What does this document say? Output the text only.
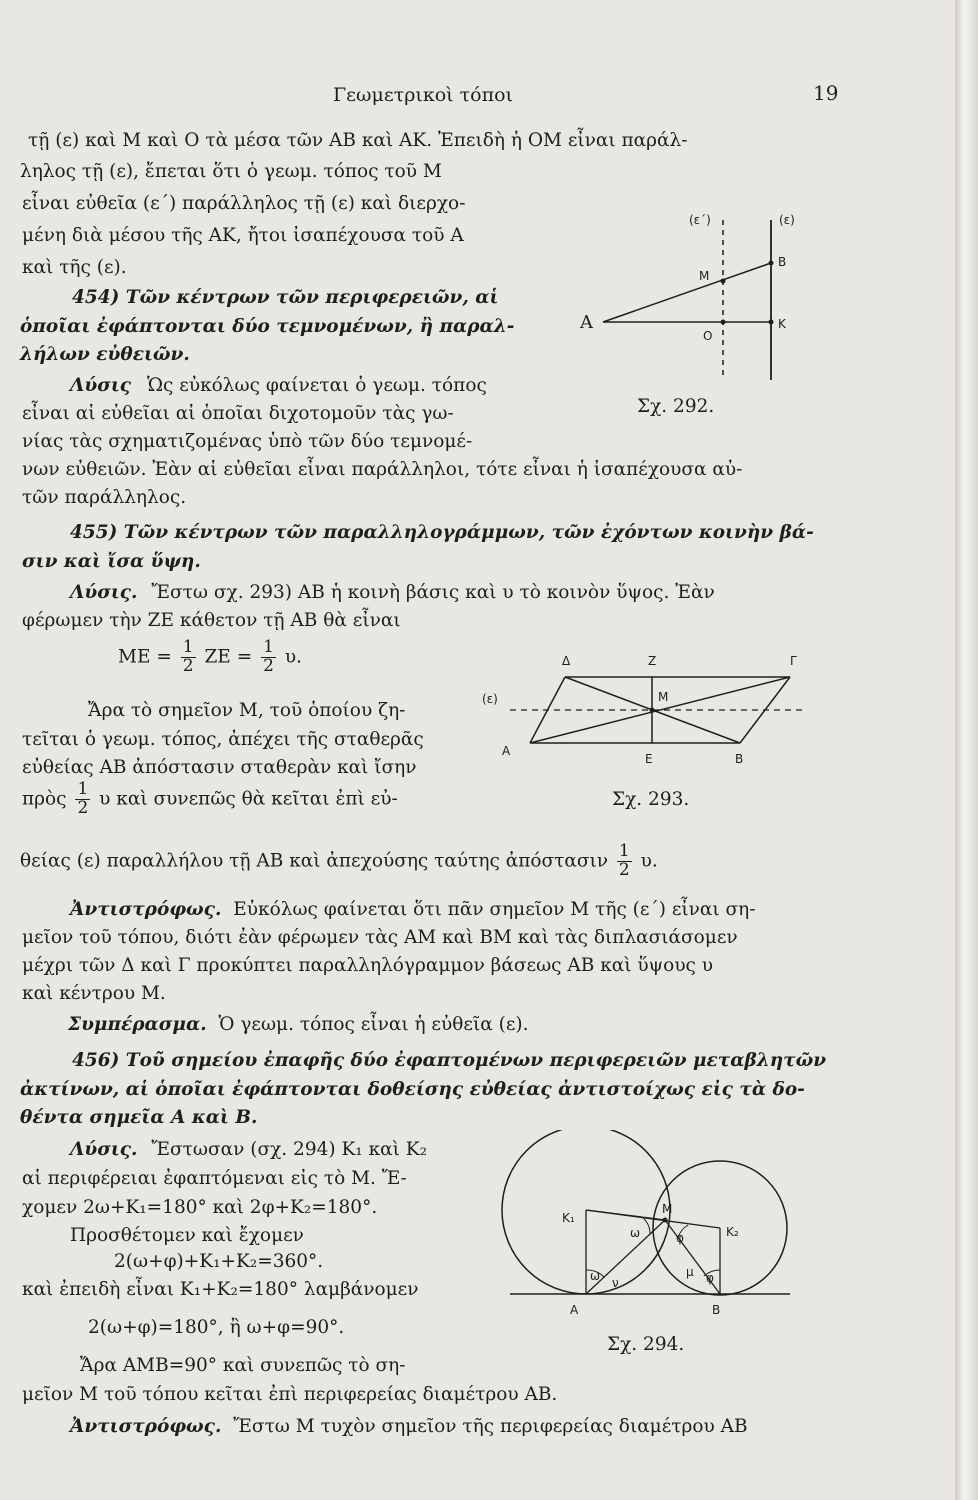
Γεωμετρικοὶ τόποι	19
τῇ (ε) καὶ Μ καὶ Ο τὰ μέσα τῶν ΑΒ καὶ ΑΚ. Ἐπειδὴ ἡ ΟΜ εἶναι παράλ-
ληλος τῇ (ε), ἔπεται ὅτι ὁ γεωμ. τόπος τοῦ Μ
εἶναι εὐθεῖα (ε΄) παράλληλος τῇ (ε) καὶ διερχο-
μένη διὰ μέσου τῆς ΑΚ, ἤτοι ἰσαπέχουσα τοῦ Α
καὶ τῆς (ε).
454) Τῶν κέντρων τῶν περιφερειῶν, αἱ
ὁποῖαι ἐφάπτονται δύο τεμνομένων, ἢ παραλ-
λήλων εὐθειῶν.
Λύσις Ὡς εὐκόλως φαίνεται ὁ γεωμ. τόπος
εἶναι αἱ εὐθεῖαι αἱ ὁποῖαι διχοτομοῦν τὰς γω-
νίας τὰς σχηματιζομένας ὑπὸ τῶν δύο τεμνομέ-
νων εὐθειῶν. Ἐὰν αἱ εὐθεῖαι εἶναι παράλληλοι, τότε εἶναι ἡ ἰσαπέχουσα αὐ-
τῶν παράλληλος.
Α
Μ
Ο
Β
Κ
(ε΄)	(ε)
Σχ. 292.
455) Τῶν κέντρων τῶν παραλληλογράμμων, τῶν ἐχόντων κοινὴν βά-
σιν καὶ ἴσα ὕψη.
Λύσις. Ἔστω σχ. 293) ΑΒ ἡ κοινὴ βάσις καὶ υ τὸ κοινὸν ὕψος. Ἐὰν
φέρωμεν τὴν ΖΕ κάθετον τῇ ΑΒ θὰ εἶναι
$ME = \frac{1}{2}$ $ZE = \frac{1}{2} \upsilon$.
Ἄρα τὸ σημεῖον Μ, τοῦ ὁποίου ζη-
τεῖται ὁ γεωμ. τόπος, ἀπέχει τῆς σταθερᾶς
εὐθείας ΑΒ ἀπόστασιν σταθερὰν καὶ ἴσην
πρὸς $\frac{1}{2}$ υ καὶ συνεπῶς θὰ κεῖται ἐπὶ εὐ-
Δ	Ζ	Γ
(ε)	Μ
Α
Ε	Β
Σχ. 293.
θείας (ε) παραλλήλου τῇ ΑΒ καὶ ἀπεχούσης ταύτης ἀπόστασιν $\frac{1}{2} \upsilon$.
Ἀντιστρόφως. Εὐκόλως φαίνεται ὅτι πᾶν σημεῖον Μ τῆς (ε΄) εἶναι ση-
μεῖον τοῦ τόπου, διότι ἐὰν φέρωμεν τὰς ΑΜ καὶ ΒΜ καὶ τὰς διπλασιάσομεν
μέχρι τῶν Δ καὶ Γ προκύπτει παραλληλόγραμμον βάσεως ΑΒ καὶ ὕψους υ
καὶ κέντρου Μ.
Συμπέρασμα. Ὁ γεωμ. τόπος εἶναι ἡ εὐθεῖα (ε).
456) Τοῦ σημείου ἐπαφῆς δύο ἐφαπτομένων περιφερειῶν μεταβλητῶν
ἀκτίνων, αἱ ὁποῖαι ἐφάπτονται δοθείσης εὐθείας ἀντιστοίχως εἰς τὰ δο-
θέντα σημεῖα Α καὶ Β.
Λύσις. Ἔστωσαν (σχ. 294) Κ₁ καὶ Κ₂
αἱ περιφέρειαι ἐφαπτόμεναι εἰς τὸ Μ. Ἔ-
χομεν 2ω+Κ₁=180° καὶ 2φ+Κ₂=180°.
Προσθέτομεν καὶ ἔχομεν
2(ω+φ)+Κ₁+Κ₂=360°.
καὶ ἐπειδὴ εἶναι Κ₁+Κ₂=180° λαμβάνομεν
2(ω+φ)=180°, ἢ ω+φ=90°.
Ἄρα ΑΜΒ=90° καὶ συνεπῶς τὸ ση-
μεῖον Μ τοῦ τόπου κεῖται ἐπὶ περιφερείας διαμέτρου ΑΒ.
Ἀντιστρόφως. Ἔστω Μ τυχὸν σημεῖον τῆς περιφερείας διαμέτρου ΑΒ
Κ₁
Μ
Κ₂
Α	Β
ω
ω
φ
φ
ν
μ
Σχ. 294.
